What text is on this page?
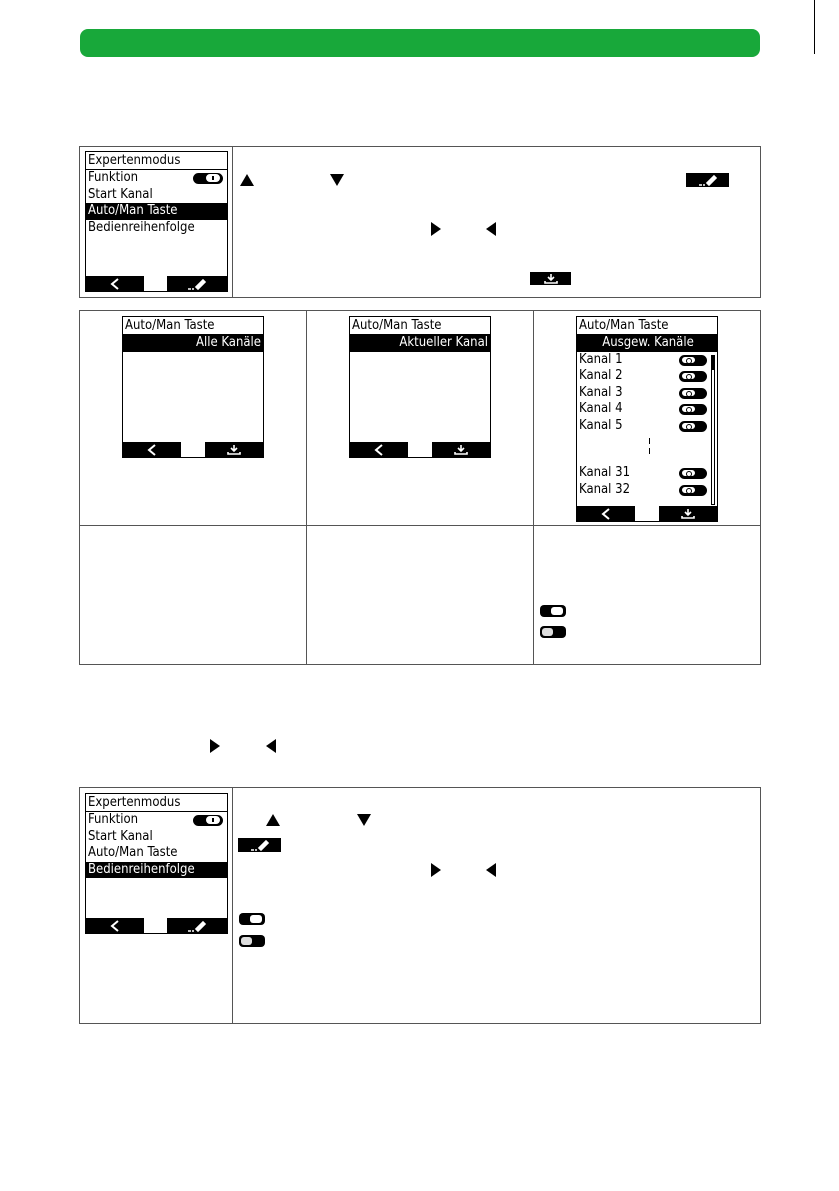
Expertenmodus
Funktion
Start Kanal
Auto/Man Taste
Bedienreihenfolge
Auto/Man Taste
Alle Kanäle
Auto/Man Taste
Aktueller Kanal
Auto/Man Taste
Ausgew. Kanäle
Kanal 1
Kanal 2
Kanal 3
Kanal 4
Kanal 5
Kanal 31
Kanal 32
Expertenmodus
Funktion
Start Kanal
Auto/Man Taste
Bedienreihenfolge
